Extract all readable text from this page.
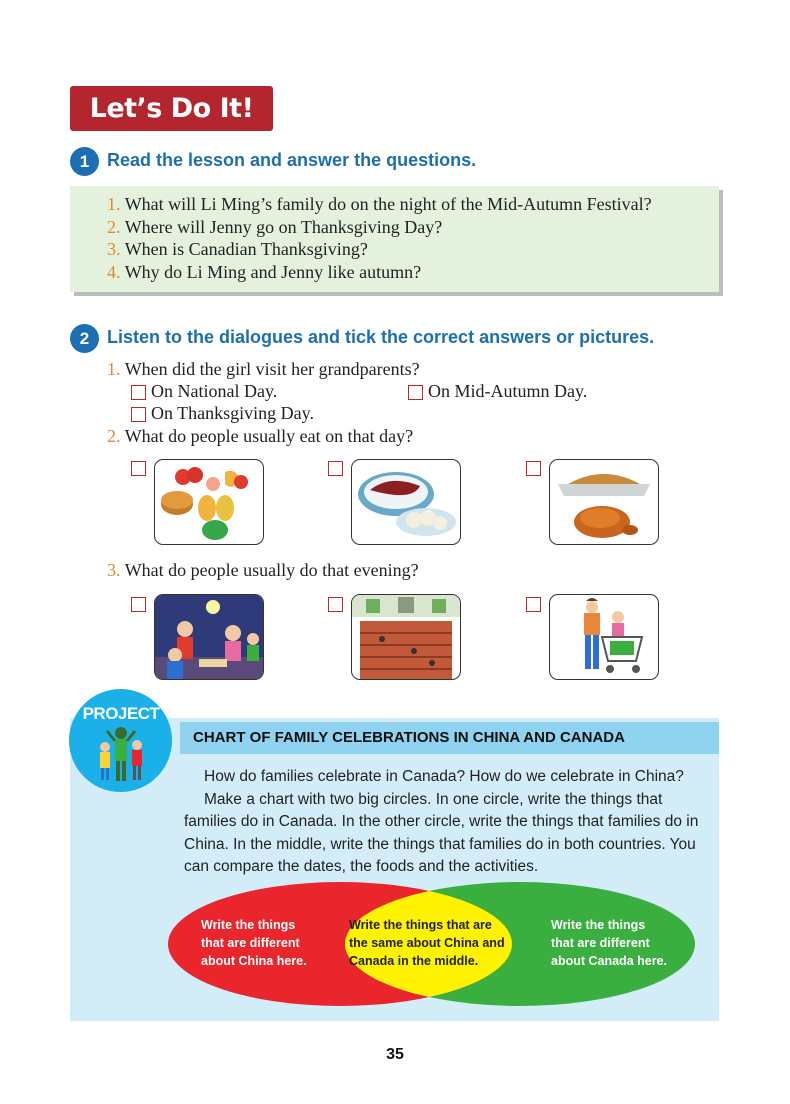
Let’s Do It!
1 Read the lesson and answer the questions.
1. What will Li Ming’s family do on the night of the Mid-Autumn Festival?
2. Where will Jenny go on Thanksgiving Day?
3. When is Canadian Thanksgiving?
4. Why do Li Ming and Jenny like autumn?
2 Listen to the dialogues and tick the correct answers or pictures.
1. When did the girl visit her grandparents?
On National Day.	On Mid-Autumn Day.
On Thanksgiving Day.
2. What do people usually eat on that day?
3. What do people usually do that evening?
PROJECT
CHART OF FAMILY CELEBRATIONS IN CHINA AND CANADA

How do families celebrate in Canada? How do we celebrate in China?

Make a chart with two big circles. In one circle, write the things that families do in Canada. In the other circle, write the things that families do in China. In the middle, write the things that families do in both countries. You can compare the dates, the foods and the activities.

Write the things
that are different
about China here.
Write the things that are
the same about China and
Canada in the middle.
Write the things
that are different
about Canada here.
35
